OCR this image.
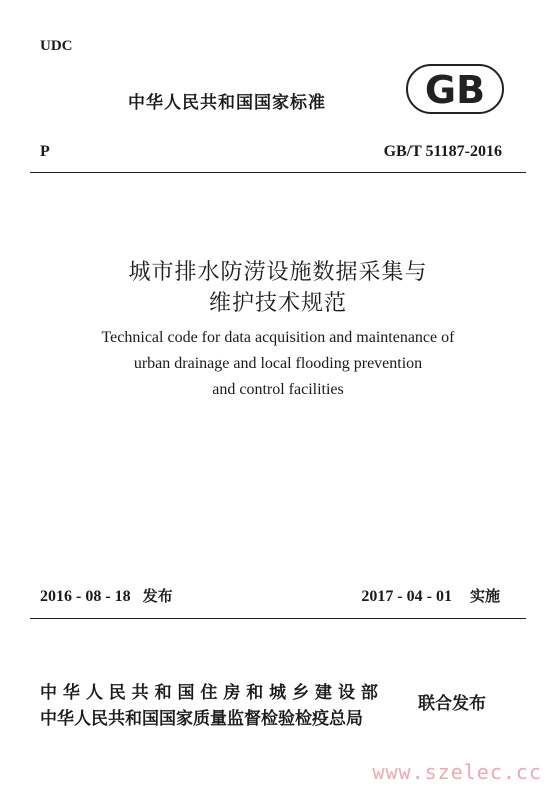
UDC
中华人民共和国国家标准	GB
P	GB/T 51187-2016
城市排水防涝设施数据采集与
维护技术规范
Technical code for data acquisition and maintenance of
urban drainage and local flooding prevention
and control facilities
2016 - 08 - 18 发布	2017 - 04 - 01 实施
中 华 人 民 共 和 国 住 房 和 城 乡 建 设 部
中华人民共和国国家质量监督检验检疫总局
联合发布
www.szelec.cc
